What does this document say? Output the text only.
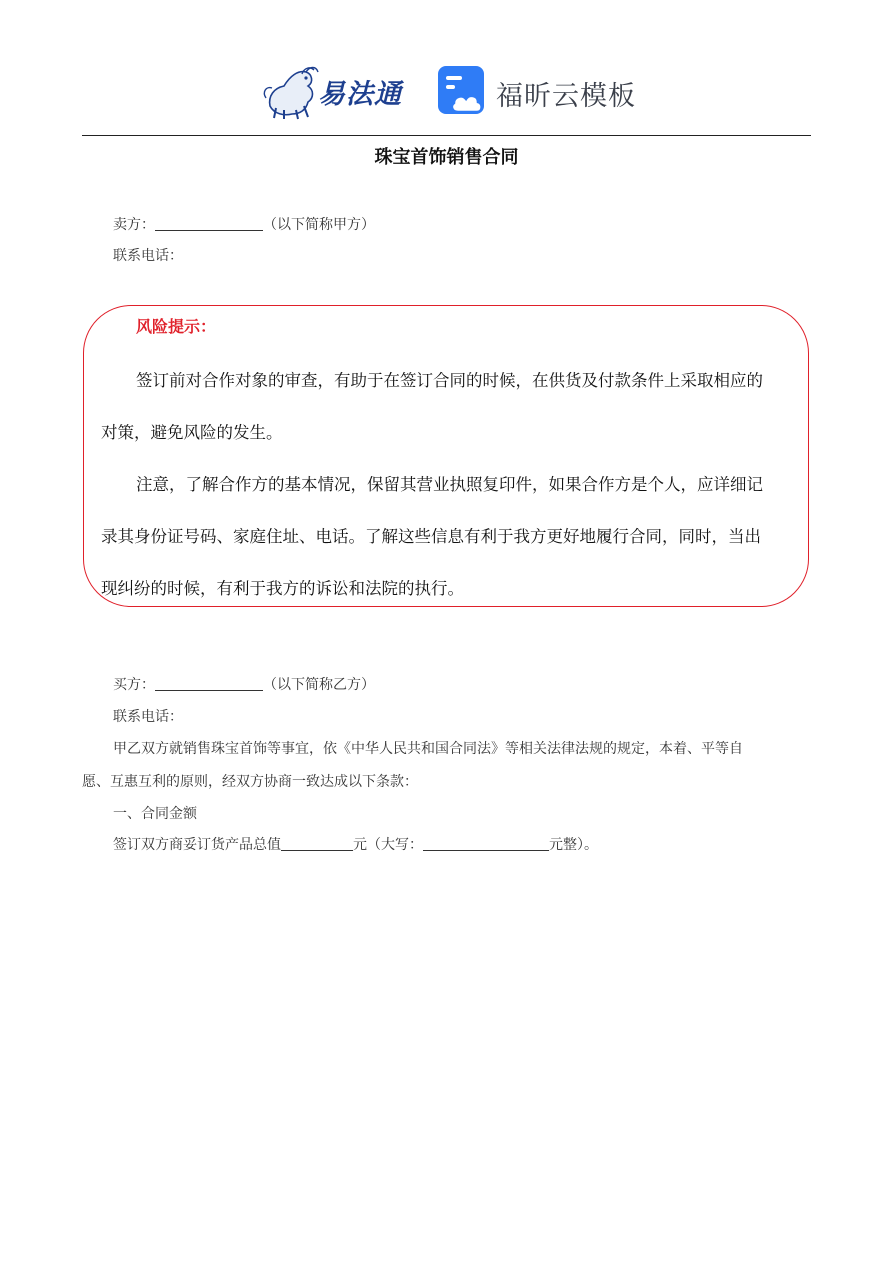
易法通	福昕云模板
珠宝首饰销售合同
卖方：	（以下简称甲方）
联系电话：
风险提示：
签订前对合作对象的审查，有助于在签订合同的时候，在供货及付款条件上采取相应的
对策，避免风险的发生。
注意，了解合作方的基本情况，保留其营业执照复印件，如果合作方是个人，应详细记
录其身份证号码、家庭住址、电话。了解这些信息有利于我方更好地履行合同，同时，当出
现纠纷的时候，有利于我方的诉讼和法院的执行。
买方：	（以下简称乙方）
联系电话：
甲乙双方就销售珠宝首饰等事宜，依《中华人民共和国合同法》等相关法律法规的规定，本着、平等自
愿、互惠互利的原则，经双方协商一致达成以下条款：
一、合同金额
签订双方商妥订货产品总值	元（大写：	元整）。
